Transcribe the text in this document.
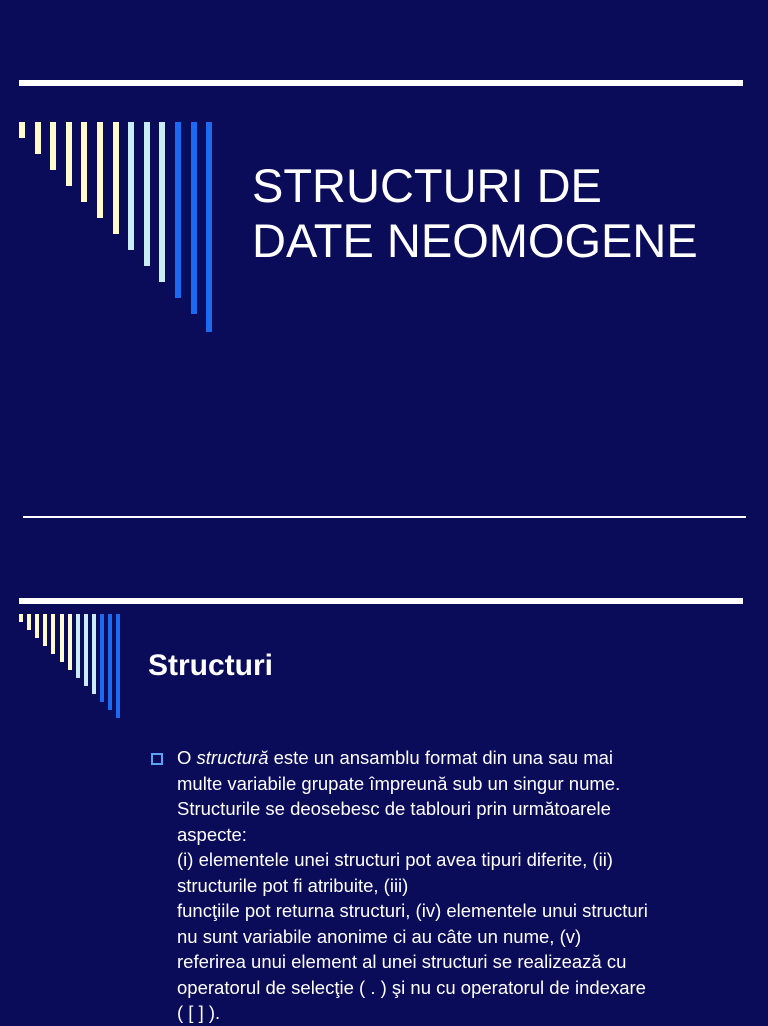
STRUCTURI DE
DATE NEOMOGENE
Structuri
O structură este un ansamblu format din una sau mai
multe variabile grupate împreună sub un singur nume.
Structurile se deosebesc de tablouri prin următoarele
aspecte:
(i) elementele unei structuri pot avea tipuri diferite, (ii)
structurile pot fi atribuite, (iii)
funcţiile pot returna structuri, (iv) elementele unui structuri
nu sunt variabile anonime ci au câte un nume, (v)
referirea unui element al unei structuri se realizează cu
operatorul de selecţie ( . ) şi nu cu operatorul de indexare
( [ ] ).
